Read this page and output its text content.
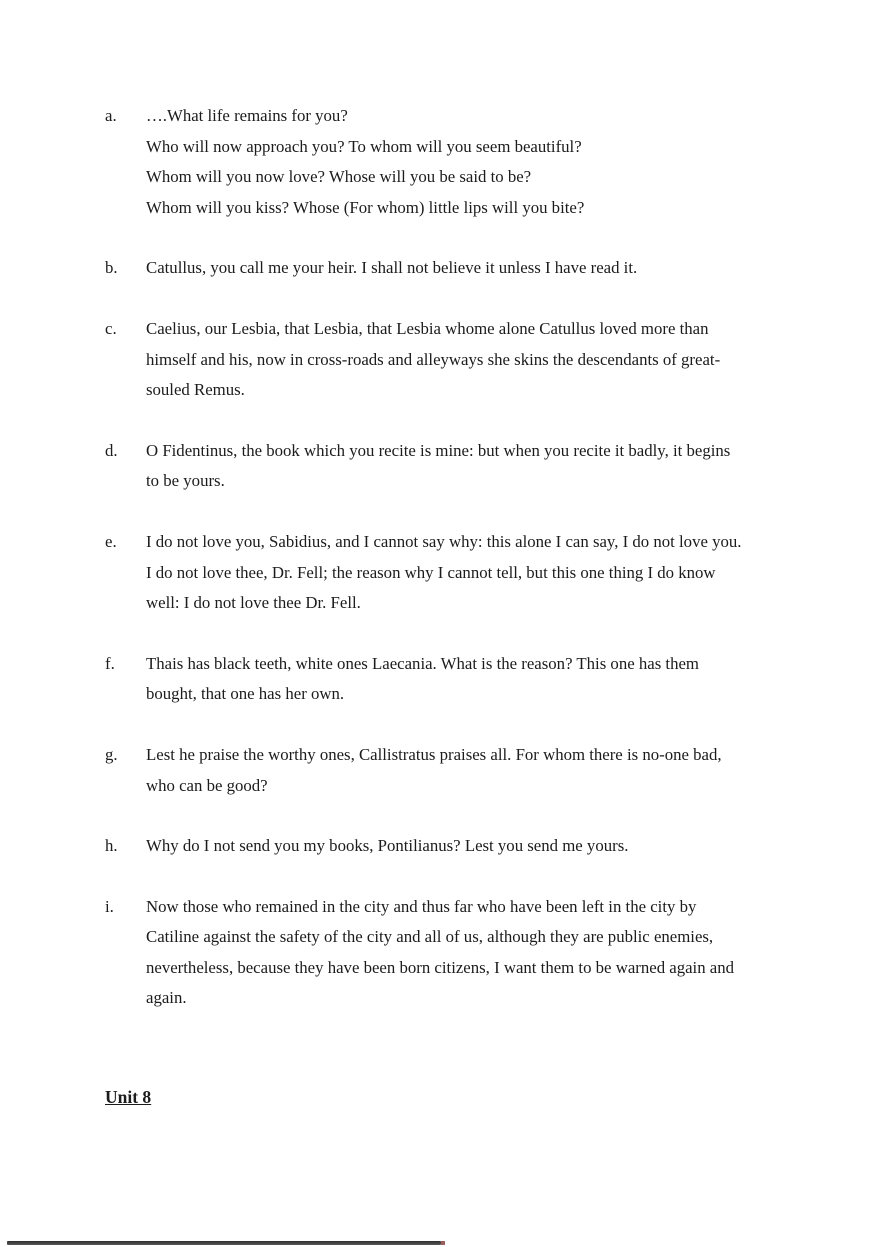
a.	….What life remains for you?
Who will now approach you? To whom will you seem beautiful?
Whom will you now love? Whose will you be said to be?
Whom will you kiss? Whose (For whom) little lips will you bite?
b.	Catullus, you call me your heir. I shall not believe it unless I have read it.
c.	Caelius, our Lesbia, that Lesbia, that Lesbia whome alone Catullus loved more than
himself and his, now in cross-roads and alleyways she skins the descendants of great-
souled Remus.
d.	O Fidentinus, the book which you recite is mine: but when you recite it badly, it begins
to be yours.
e.	I do not love you, Sabidius, and I cannot say why: this alone I can say, I do not love you.
I do not love thee, Dr. Fell; the reason why I cannot tell, but this one thing I do know
well: I do not love thee Dr. Fell.
f.	Thais has black teeth, white ones Laecania. What is the reason? This one has them
bought, that one has her own.
g.	Lest he praise the worthy ones, Callistratus praises all. For whom there is no-one bad,
who can be good?
h.	Why do I not send you my books, Pontilianus? Lest you send me yours.
i.	Now those who remained in the city and thus far who have been left in the city by
Catiline against the safety of the city and all of us, although they are public enemies,
nevertheless, because they have been born citizens, I want them to be warned again and
again.
Unit 8
